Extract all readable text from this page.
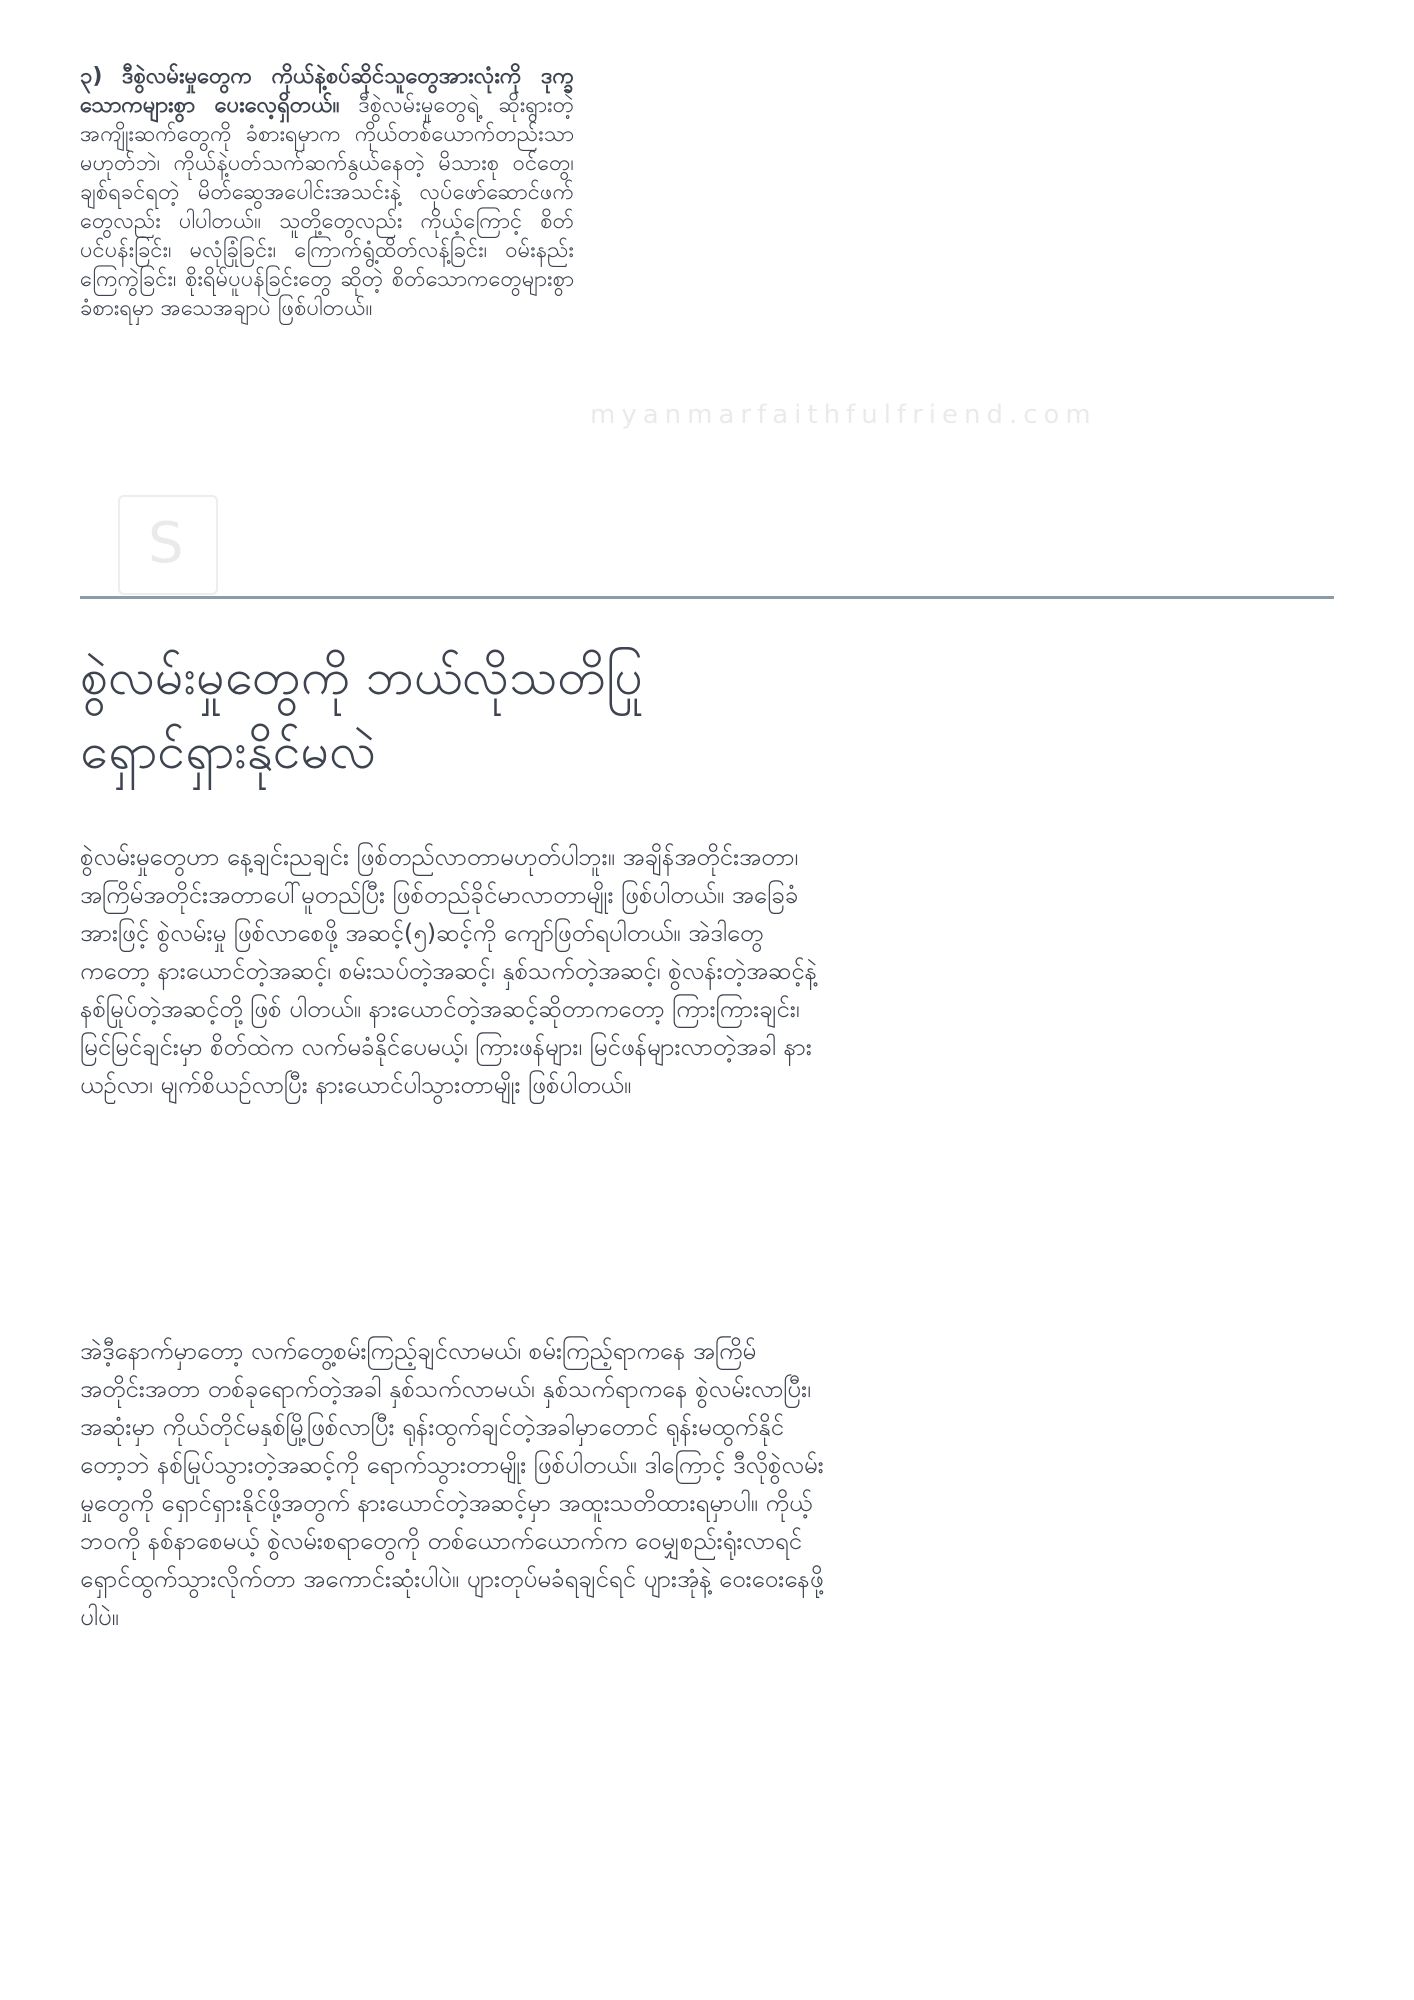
myanmarfaithfulfriend.com
S
၃) ဒီစွဲလမ်းမှုတွေက ကိုယ်နဲ့စပ်ဆိုင်သူတွေအားလုံးကို ဒုက္ခသောကများစွာ ပေးလေ့ရှိတယ်။ ဒီစွဲလမ်းမှုတွေရဲ့ ဆိုးရွားတဲ့အကျိုးဆက်တွေကို ခံစားရမှာက ကိုယ်တစ်ယောက်တည်းသာမဟုတ်ဘဲ၊ ကိုယ်နဲ့ပတ်သက်ဆက်နွယ်နေတဲ့ မိသားစု ဝင်တွေ၊ ချစ်ရခင်ရတဲ့ မိတ်ဆွေအပေါင်းအသင်းနဲ့ လုပ်ဖော်ဆောင်ဖက်တွေလည်း ပါပါတယ်။ သူတို့တွေလည်း ကိုယ့်ကြောင့် စိတ်ပင်ပန်းခြင်း၊ မလုံခြုံခြင်း၊ ကြောက်ရွံ့ထိတ်လန့်ခြင်း၊ ဝမ်းနည်းကြေကွဲခြင်း၊ စိုးရိမ်ပူပန်ခြင်းတွေ ဆိုတဲ့ စိတ်သောကတွေများစွာ ခံစားရမှာ အသေအချာပဲ ဖြစ်ပါတယ်။
စွဲလမ်းမှုတွေကို ဘယ်လိုသတိပြု ရှောင်ရှားနိုင်မလဲ

စွဲလမ်းမှုတွေဟာ နေ့ချင်းညချင်း ဖြစ်တည်လာတာမဟုတ်ပါဘူး။ အချိန်အတိုင်းအတာ၊ အကြိမ်အတိုင်းအတာပေါ်မူတည်ပြီး ဖြစ်တည်ခိုင်မာလာတာမျိုး ဖြစ်ပါတယ်။ အခြေခံအားဖြင့် စွဲလမ်းမှု ဖြစ်လာစေဖို့ အဆင့်(၅)ဆင့်ကို ကျော်ဖြတ်ရပါတယ်။ အဲဒါတွေကတော့ နားယောင်တဲ့အဆင့်၊ စမ်းသပ်တဲ့အဆင့်၊ နှစ်သက်တဲ့အဆင့်၊ စွဲလန်းတဲ့အဆင့်နဲ့ နစ်မြုပ်တဲ့အဆင့်တို့ ဖြစ် ပါတယ်။ နားယောင်တဲ့အဆင့်ဆိုတာကတော့ ကြားကြားချင်း၊ မြင်မြင်ချင်းမှာ စိတ်ထဲက လက်မခံနိုင်ပေမယ့်၊ ကြားဖန်များ၊ မြင်ဖန်များလာတဲ့အခါ နားယဉ်လာ၊ မျက်စိယဉ်လာပြီး နားယောင်ပါသွားတာမျိုး ဖြစ်ပါတယ်။

အဲဒီ့နောက်မှာတော့ လက်တွေ့စမ်းကြည့်ချင်လာမယ်၊ စမ်းကြည့်ရာကနေ အကြိမ်အတိုင်းအတာ တစ်ခုရောက်တဲ့အခါ နှစ်သက်လာမယ်၊ နှစ်သက်ရာကနေ စွဲလမ်းလာပြီး၊ အဆုံးမှာ ကိုယ်တိုင်မနှစ်မြို့ဖြစ်လာပြီး ရုန်းထွက်ချင်တဲ့အခါမှာတောင် ရုန်းမထွက်နိုင်တော့ဘဲ နစ်မြုပ်သွားတဲ့အဆင့်ကို ရောက်သွားတာမျိုး ဖြစ်ပါတယ်။ ဒါကြောင့် ဒီလိုစွဲလမ်းမှုတွေကို ရှောင်ရှားနိုင်ဖို့အတွက် နားယောင်တဲ့အဆင့်မှာ အထူးသတိထားရမှာပါ။ ကိုယ့်ဘဝကို နစ်နာစေမယ့် စွဲလမ်းစရာတွေကို တစ်ယောက်ယောက်က ဝေမျှစည်းရုံးလာရင် ရှောင်ထွက်သွားလိုက်တာ အကောင်းဆုံးပါပဲ။ ပျားတုပ်မခံရချင်ရင် ပျားအုံနဲ့ ဝေးဝေးနေဖို့ပါပဲ။
